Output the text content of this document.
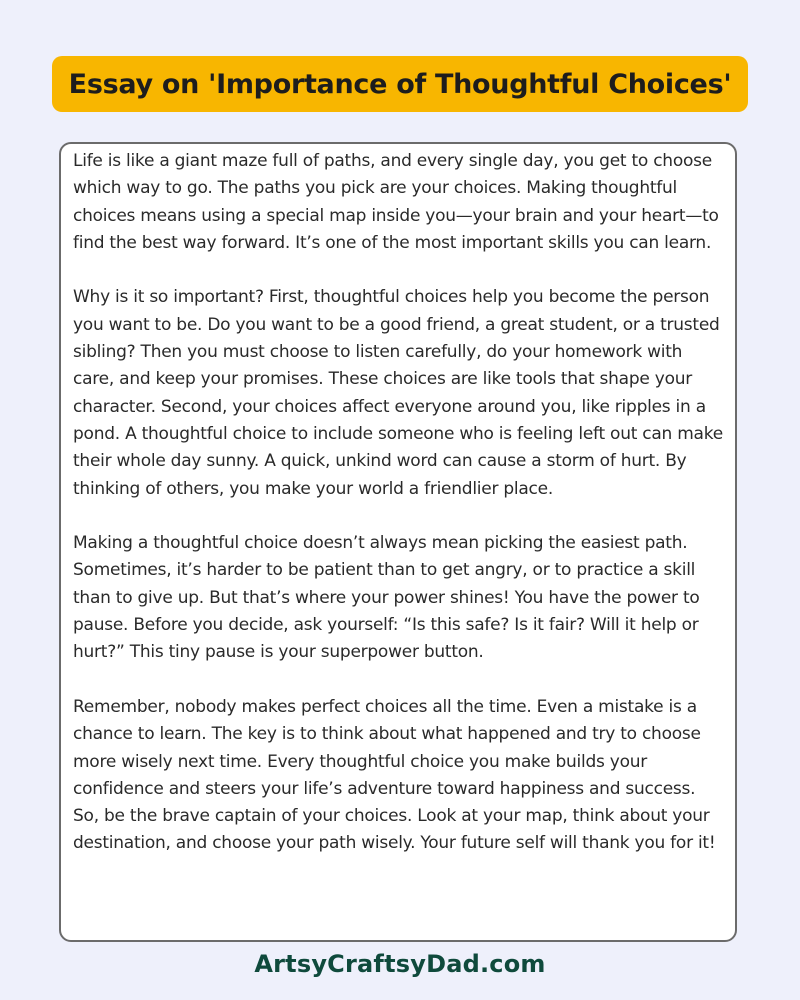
Essay on 'Importance of Thoughtful Choices'

Life is like a giant maze full of paths, and every single day, you get to choose which way to go. The paths you pick are your choices. Making thoughtful choices means using a special map inside you—your brain and your heart—to find the best way forward. It’s one of the most important skills you can learn.

Why is it so important? First, thoughtful choices help you become the person you want to be. Do you want to be a good friend, a great student, or a trusted sibling? Then you must choose to listen carefully, do your homework with care, and keep your promises. These choices are like tools that shape your character. Second, your choices affect everyone around you, like ripples in a pond. A thoughtful choice to include someone who is feeling left out can make their whole day sunny. A quick, unkind word can cause a storm of hurt. By thinking of others, you make your world a friendlier place.

Making a thoughtful choice doesn’t always mean picking the easiest path. Sometimes, it’s harder to be patient than to get angry, or to practice a skill than to give up. But that’s where your power shines! You have the power to pause. Before you decide, ask yourself: “Is this safe? Is it fair? Will it help or hurt?” This tiny pause is your superpower button.

Remember, nobody makes perfect choices all the time. Even a mistake is a chance to learn. The key is to think about what happened and try to choose more wisely next time. Every thoughtful choice you make builds your confidence and steers your life’s adventure toward happiness and success. So, be the brave captain of your choices. Look at your map, think about your destination, and choose your path wisely. Your future self will thank you for it!

ArtsyCraftsyDad.com
